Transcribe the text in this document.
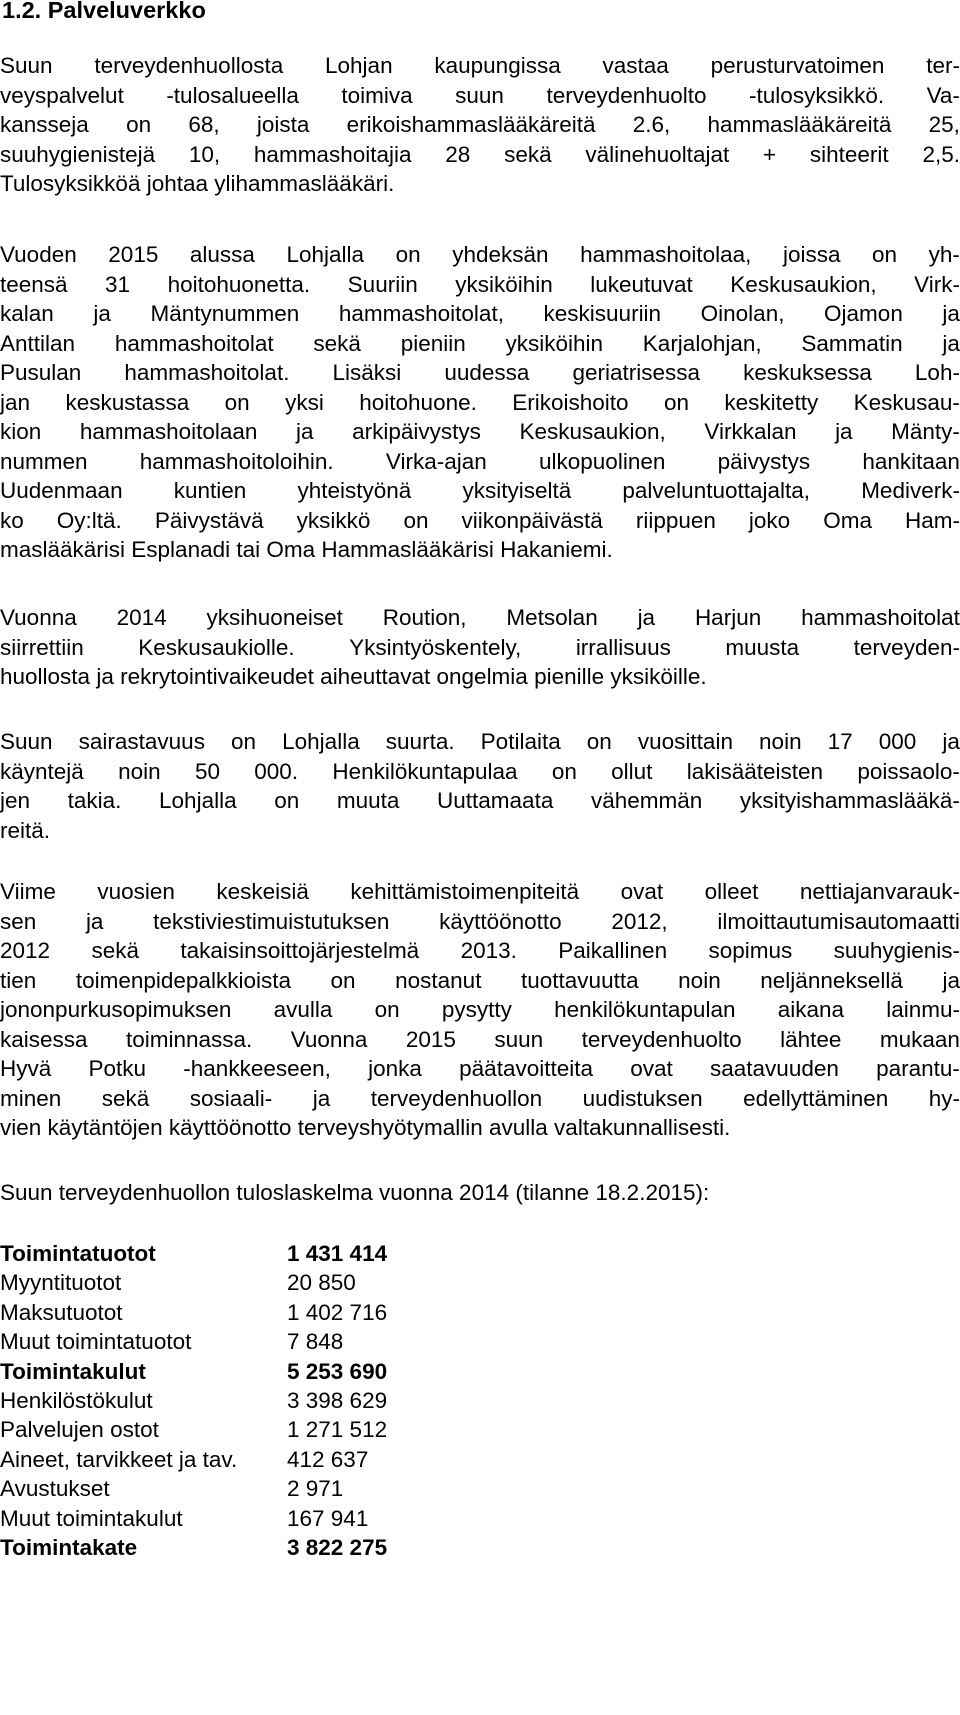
1.2. Palveluverkko
Suun terveydenhuollosta Lohjan kaupungissa vastaa perusturvatoimen ter-
veyspalvelut -tulosalueella toimiva suun terveydenhuolto -tulosyksikkö. Va-
kansseja on 68, joista erikoishammaslääkäreitä 2.6, hammaslääkäreitä 25,
suuhygienistejä 10, hammashoitajia 28 sekä välinehuoltajat + sihteerit 2,5.
Tulosyksikköä johtaa ylihammaslääkäri.
Vuoden 2015 alussa Lohjalla on yhdeksän hammashoitolaa, joissa on yh-
teensä 31 hoitohuonetta. Suuriin yksiköihin lukeutuvat Keskusaukion, Virk-
kalan ja Mäntynummen hammashoitolat, keskisuuriin Oinolan, Ojamon ja
Anttilan hammashoitolat sekä pieniin yksiköihin Karjalohjan, Sammatin ja
Pusulan hammashoitolat. Lisäksi uudessa geriatrisessa keskuksessa Loh-
jan keskustassa on yksi hoitohuone. Erikoishoito on keskitetty Keskusau-
kion hammashoitolaan ja arkipäivystys Keskusaukion, Virkkalan ja Mänty-
nummen hammashoitoloihin. Virka-ajan ulkopuolinen päivystys hankitaan
Uudenmaan kuntien yhteistyönä yksityiseltä palveluntuottajalta, Mediverk-
ko Oy:ltä. Päivystävä yksikkö on viikonpäivästä riippuen joko Oma Ham-
maslääkärisi Esplanadi tai Oma Hammaslääkärisi Hakaniemi.
Vuonna 2014 yksihuoneiset Roution, Metsolan ja Harjun hammashoitolat
siirrettiin Keskusaukiolle. Yksintyöskentely, irrallisuus muusta terveyden-
huollosta ja rekrytointivaikeudet aiheuttavat ongelmia pienille yksiköille.
Suun sairastavuus on Lohjalla suurta. Potilaita on vuosittain noin 17 000 ja
käyntejä noin 50 000. Henkilökuntapulaa on ollut lakisääteisten poissaolo-
jen takia. Lohjalla on muuta Uuttamaata vähemmän yksityishammaslääkä-
reitä.
Viime vuosien keskeisiä kehittämistoimenpiteitä ovat olleet nettiajanvarauk-
sen ja tekstiviestimuistutuksen käyttöönotto 2012, ilmoittautumisautomaatti
2012 sekä takaisinsoittojärjestelmä 2013. Paikallinen sopimus suuhygienis-
tien toimenpidepalkkioista on nostanut tuottavuutta noin neljänneksellä ja
jononpurkusopimuksen avulla on pysytty henkilökuntapulan aikana lainmu-
kaisessa toiminnassa. Vuonna 2015 suun terveydenhuolto lähtee mukaan
Hyvä Potku -hankkeeseen, jonka päätavoitteita ovat saatavuuden parantu-
minen sekä sosiaali- ja terveydenhuollon uudistuksen edellyttäminen hy-
vien käytäntöjen käyttöönotto terveyshyötymallin avulla valtakunnallisesti.
Suun terveydenhuollon tuloslaskelma vuonna 2014 (tilanne 18.2.2015):
Toimintatuotot	1 431 414
Myyntituotot	20 850
Maksutuotot	1 402 716
Muut toimintatuotot	7 848
Toimintakulut	5 253 690
Henkilöstökulut	3 398 629
Palvelujen ostot	1 271 512
Aineet, tarvikkeet ja tav. 412 637
Avustukset	2 971
Muut toimintakulut	167 941
Toimintakate	3 822 275
